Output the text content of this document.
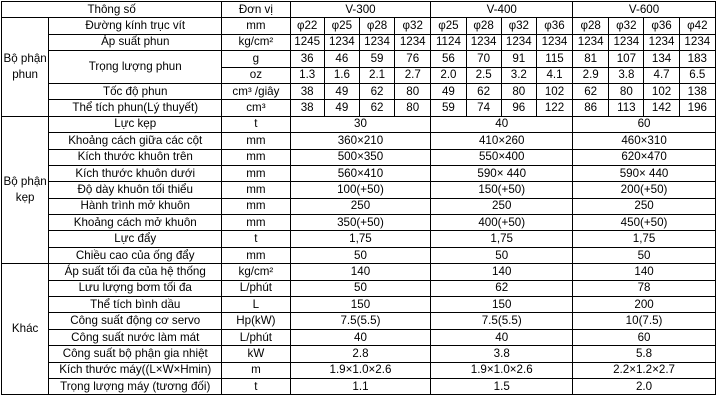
Thông số		Đơn vị	V-300				V-400				V-600			
Bộ phận phun	Đường kính trục vít	mm	φ22	φ25	φ28	φ32	φ25	φ28	φ32	φ36	φ28	φ32	φ36	φ42
	Áp suất phun	kg/cm²	1245	1234	1234	1234	1124	1234	1234	1234	1234	1234	1234	1234
	Trọng lượng phun	g	36	46	59	76	56	70	91	115	81	107	134	183
		oz	1.3	1.6	2.1	2.7	2.0	2.5	3.2	4.1	2.9	3.8	4.7	6.5
	Tốc độ phun	cm³ /giây	38	49	62	80	49	62	80	102	62	80	102	138
	Thể tích phun(Lý thuyết)	cm³	38	49	62	80	59	74	96	122	86	113	142	196
Bộ phận kẹp	Lực kẹp	t	30				40				60			
	Khoảng cách giữa các cột	mm	360×210				410×260				460×310			
	Kích thước khuôn trên	mm	500×350				550×400				620×470			
	Kích thước khuôn dưới	mm	560×410				590× 440				590× 440			
	Độ dày khuôn tối thiểu	mm	100(+50)				150(+50)				200(+50)			
	Hành trình mở khuôn	mm	250				250				250			
	Khoảng cách mở khuôn	mm	350(+50)				400(+50)				450(+50)			
	Lực đẩy	t	1,75				1,75				1,75			
	Chiều cao của ống đẩy	mm	50				50				50			
Khác	Áp suất tối đa của hệ thống	kg/cm²	140				140				140			
	Lưu lượng bơm tối đa	L/phút	50				62				78			
	Thể tích bình dầu	L	150				150				200			
	Công suất động cơ servo	Hp(kW)	7.5(5.5)				7.5(5.5)				10(7.5)			
	Công suất nước làm mát	L/phút	40				40				60			
	Công suất bộ phận gia nhiệt	kW	2.8				3.8				5.8			
	Kích thước máy((L×W×Hmin)	m	1.9×1.0×2.6				1.9×1.0×2.6				2.2×1.2×2.7			
	Trọng lượng máy (tương đối)	t	1.1				1.5				2.0			
